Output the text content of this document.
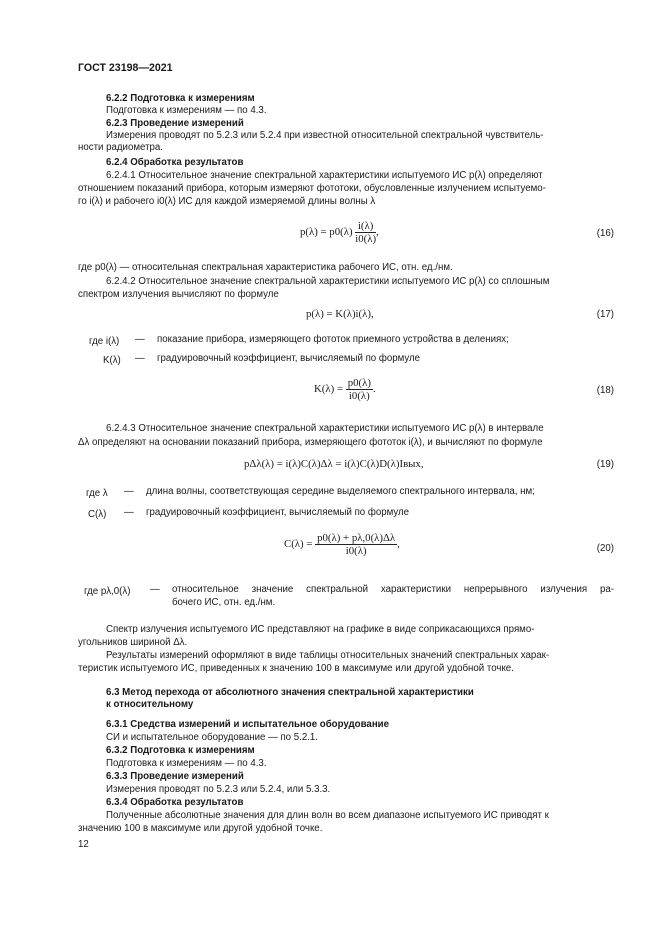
ГОСТ 23198—2021
6.2.2 Подготовка к измерениям
Подготовка к измерениям — по 4.3.
6.2.3 Проведение измерений
Измерения проводят по 5.2.3 или 5.2.4 при известной относительной спектральной чувствитель-
ности радиометра.
6.2.4 Обработка результатов
6.2.4.1 Относительное значение спектральной характеристики испытуемого ИС p(λ) определяют
отношением показаний прибора, которым измеряют фототоки, обусловленные излучением испытуемо-
го i(λ) и рабочего i0(λ) ИС для каждой измеряемой длины волны λ
$p(\lambda) = p0(\lambda) \frac{i(\lambda)}{i0(\lambda)}$ ,	(16)
где p0(λ) — относительная спектральная характеристика рабочего ИС, отн. ед./нм.
6.2.4.2 Относительное значение спектральной характеристики испытуемого ИС p(λ) со сплошным
спектром излучения вычисляют по формуле
p(λ) = K(λ)i(λ),	(17)
где i(λ) — показание прибора, измеряющего фототок приемного устройства в делениях;
K(λ) — градуировочный коэффициент, вычисляемый по формуле
$K(\lambda) = \frac{p0(\lambda)}{i0(\lambda)}$ .	(18)
6.2.4.3 Относительное значение спектральной характеристики испытуемого ИС p(λ) в интервале
Δλ определяют на основании показаний прибора, измеряющего фототок i(λ), и вычисляют по формуле
pΔλ(λ) = i(λ)C(λ)Δλ = i(λ)C(λ)D(λ)Iвых,	(19)
где λ — длина волны, соответствующая середине выделяемого спектрального интервала, нм;
C(λ) — градуировочный коэффициент, вычисляемый по формуле
$C(\lambda) = \frac{p0(\lambda) + p\lambda,0(\lambda)\Delta\lambda}{i0(\lambda)}$ ,	(20)
где pλ,0(λ) — относительное значение спектральной характеристики непрерывного излучения ра-
бочего ИС, отн. ед./нм.
Спектр излучения испытуемого ИС представляют на графике в виде соприкасающихся прямо-
угольников шириной Δλ.
Результаты измерений оформляют в виде таблицы относительных значений спектральных харак-
теристик испытуемого ИС, приведенных к значению 100 в максимуме или другой удобной точке.
6.3 Метод перехода от абсолютного значения спектральной характеристики
к относительному
6.3.1 Средства измерений и испытательное оборудование
СИ и испытательное оборудование — по 5.2.1.
6.3.2 Подготовка к измерениям
Подготовка к измерениям — по 4.3.
6.3.3 Проведение измерений
Измерения проводят по 5.2.3 или 5.2.4, или 5.3.3.
6.3.4 Обработка результатов
Полученные абсолютные значения для длин волн во всем диапазоне испытуемого ИС приводят к
значению 100 в максимуме или другой удобной точке.
12
